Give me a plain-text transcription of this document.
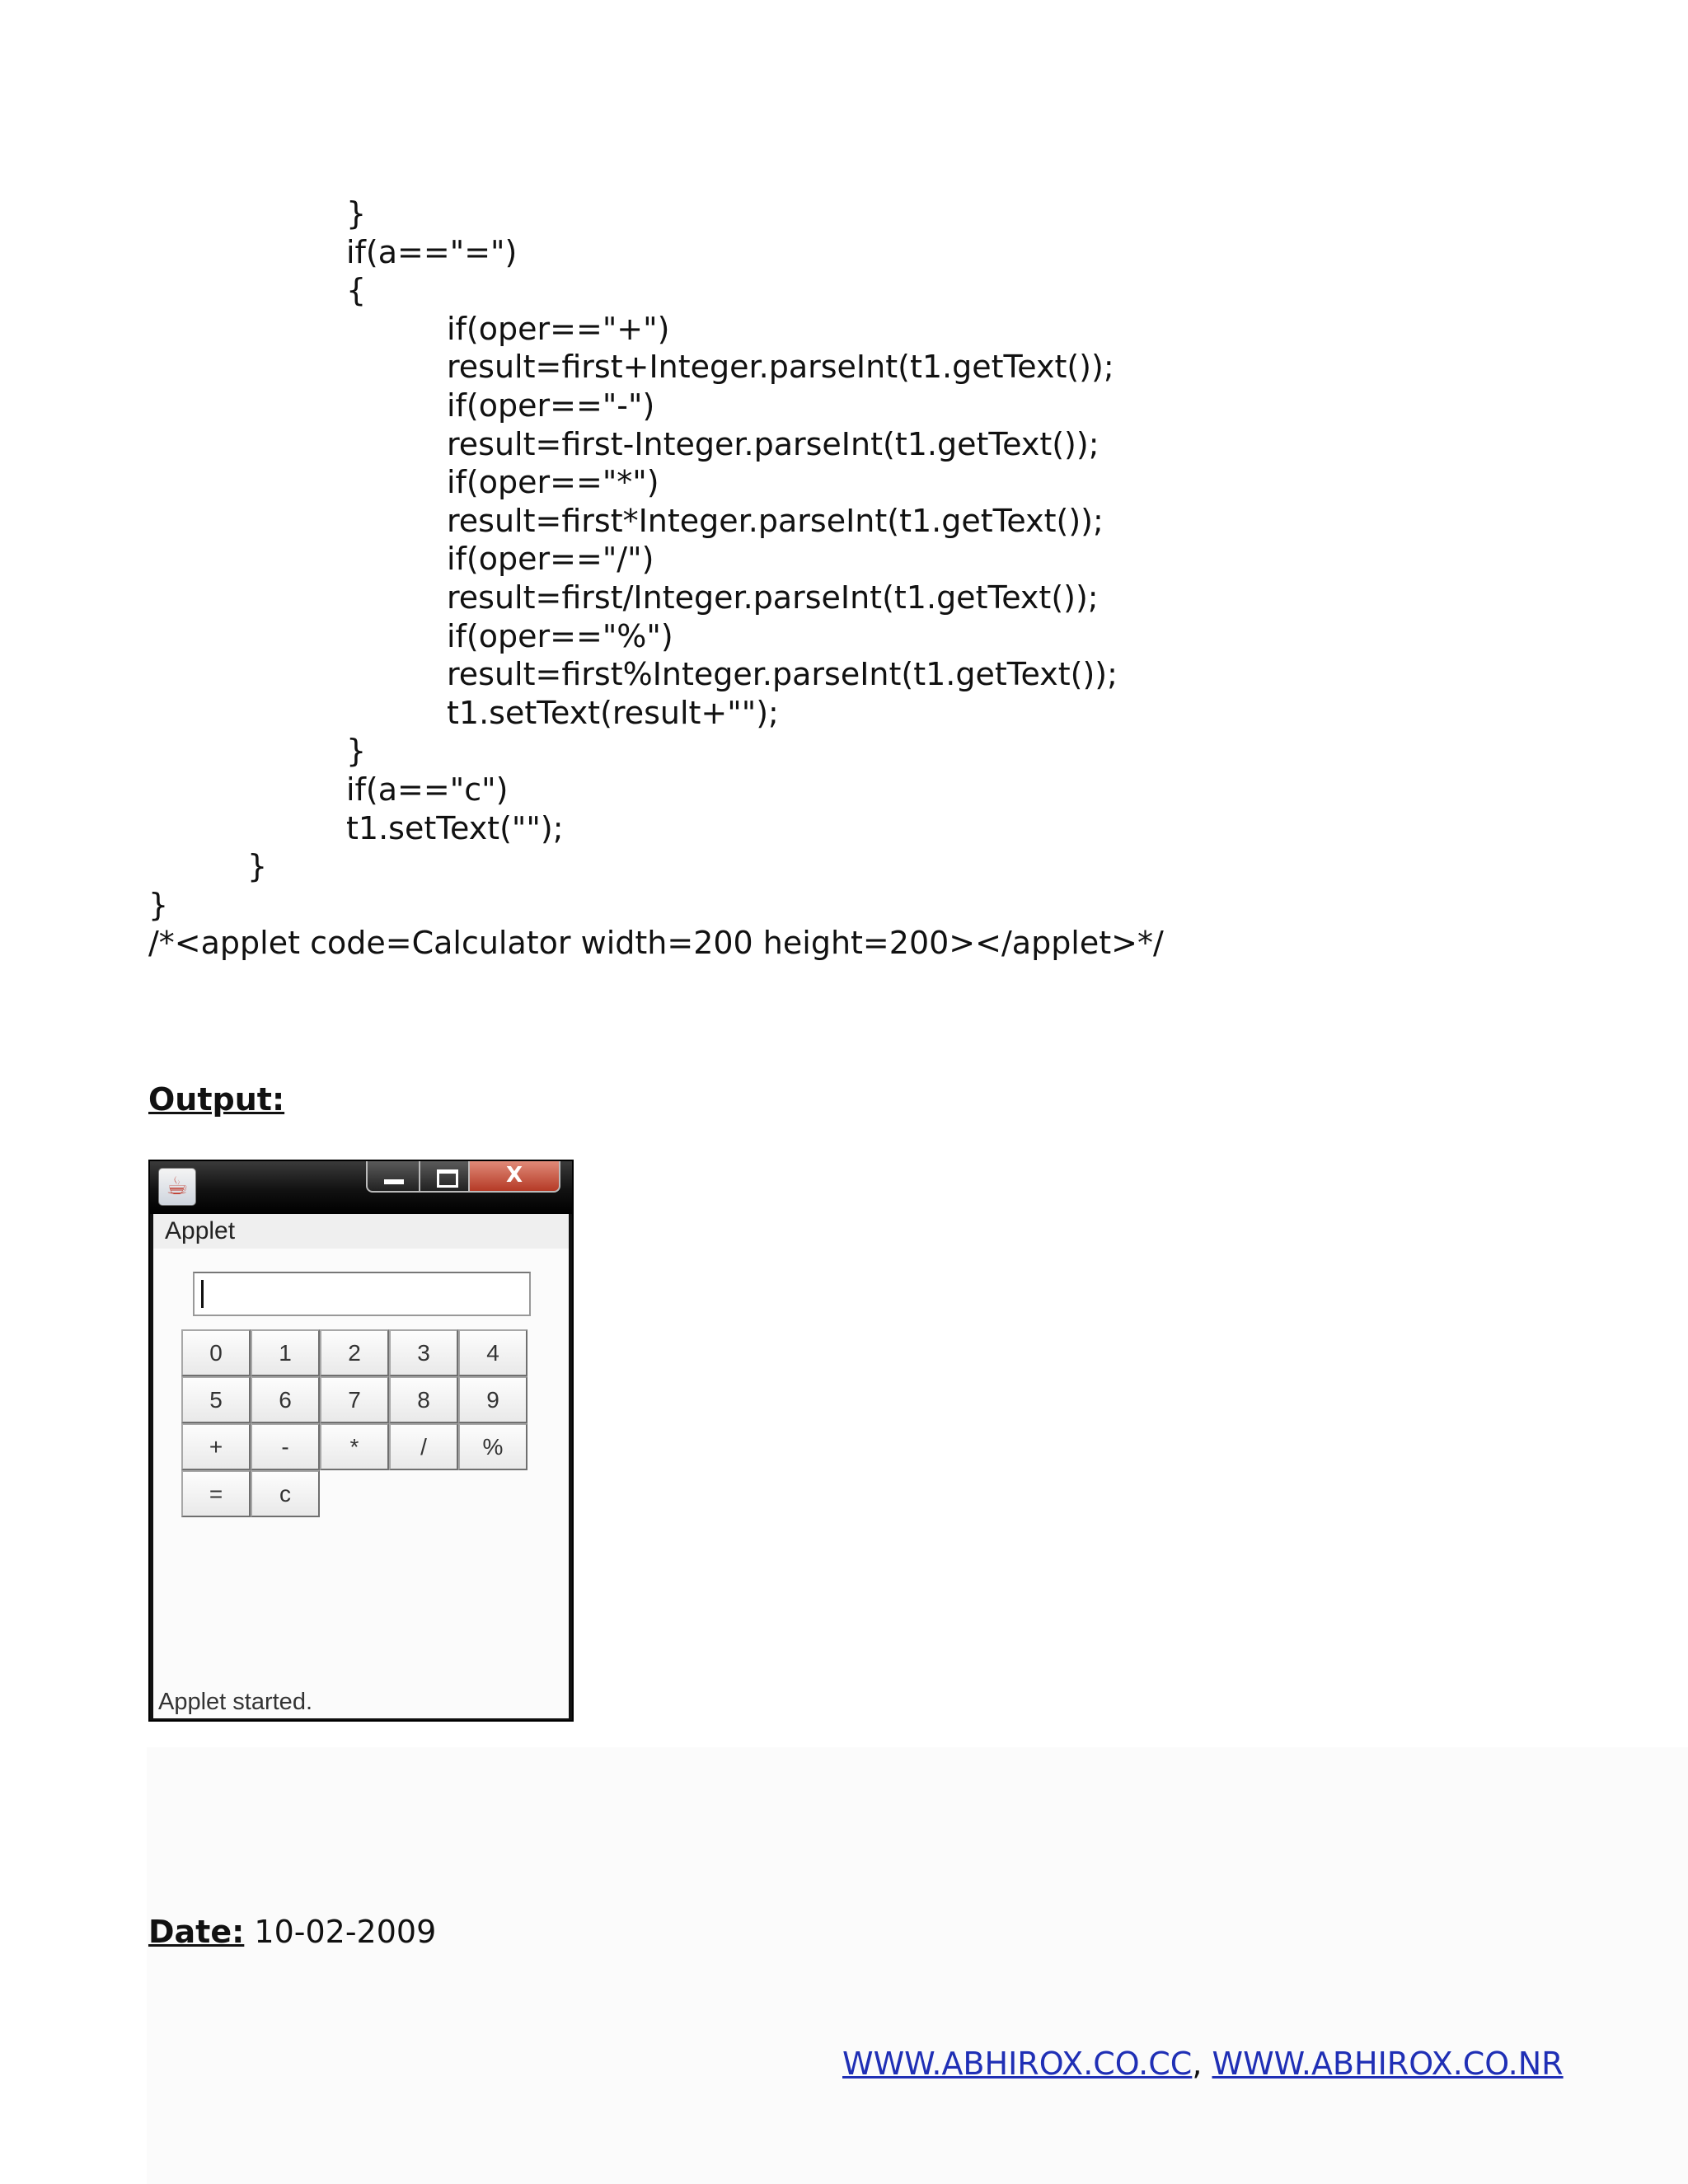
}
if(a=="=")
{
if(oper=="+")
result=first+Integer.parseInt(t1.getText());
if(oper=="-")
result=first-Integer.parseInt(t1.getText());
if(oper=="*")
result=first*Integer.parseInt(t1.getText());
if(oper=="/")
result=first/Integer.parseInt(t1.getText());
if(oper=="%")
result=first%Integer.parseInt(t1.getText());
t1.setText(result+"");
}
if(a=="c")
t1.setText("");
}
}
/*<applet code=Calculator width=200 height=200></applet>*/
Output:
☕	X
Applet
0	1	2	3	4
5	6	7	8	9
+	-	*	/	%
=	c
Applet started.
Date: 10-02-2009
WWW.ABHIROX.CO.CC, WWW.ABHIROX.CO.NR
